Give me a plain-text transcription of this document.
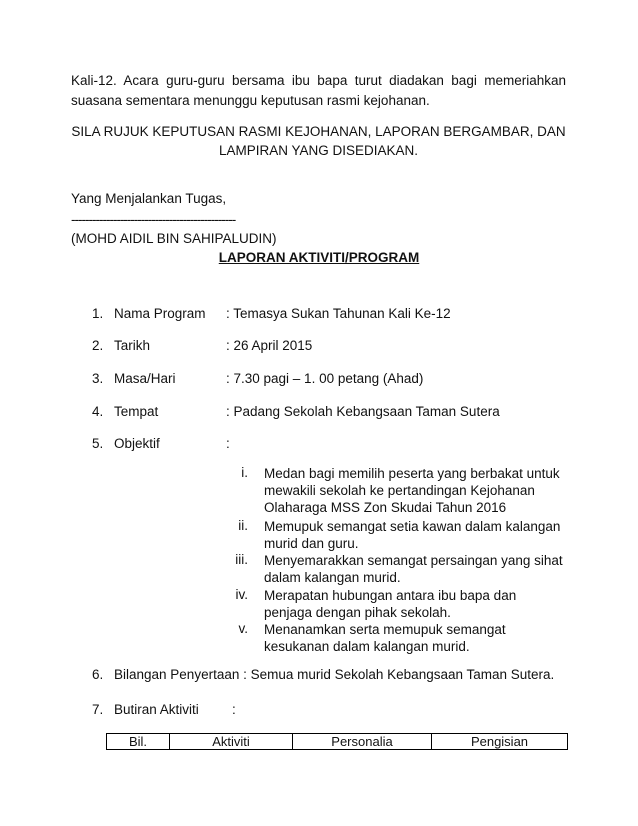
Kali-12. Acara guru-guru bersama ibu bapa turut diadakan bagi memeriahkan suasana sementara menunggu keputusan rasmi kejohanan.
SILA RUJUK KEPUTUSAN RASMI KEJOHANAN, LAPORAN BERGAMBAR, DAN
LAMPIRAN YANG DISEDIAKAN.
Yang Menjalankan Tugas,
-----------------------------------------------
(MOHD AIDIL BIN SAHIPALUDIN)
LAPORAN AKTIVITI/PROGRAM
1. Nama Program : Temasya Sukan Tahunan Kali Ke-12
2. Tarikh	: 26 April 2015
3. Masa/Hari	: 7.30 pagi – 1. 00 petang (Ahad)
4. Tempat	: Padang Sekolah Kebangsaan Taman Sutera
5. Objektif	:
i. Medan bagi memilih peserta yang berbakat untuk mewakili sekolah ke pertandingan Kejohanan Olaharaga MSS Zon Skudai Tahun 2016
ii. Memupuk semangat setia kawan dalam kalangan murid dan guru.
iii. Menyemarakkan semangat persaingan yang sihat dalam kalangan murid.
iv. Merapatan hubungan antara ibu bapa dan penjaga dengan pihak sekolah.
v. Menanamkan serta memupuk semangat kesukanan dalam kalangan murid.
6. Bilangan Penyertaan : Semua murid Sekolah Kebangsaan Taman Sutera.
7. Butiran Aktiviti :
Bil.	Aktiviti	Personalia	Pengisian
